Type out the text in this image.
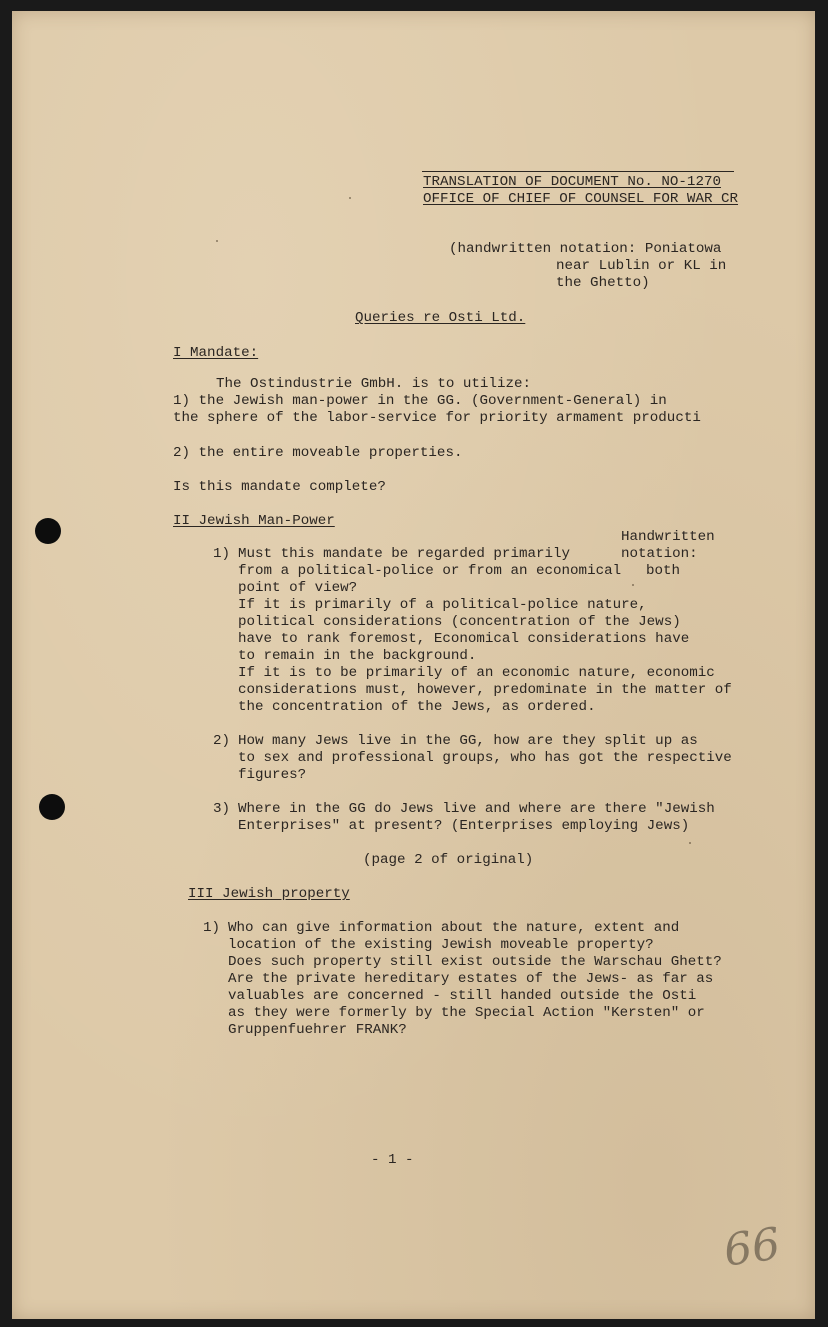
TRANSLATION OF DOCUMENT No. NO-1270
OFFICE OF CHIEF OF COUNSEL FOR WAR CR
(handwritten notation: Poniatowa
near Lublin or KL in
the Ghetto)
Queries re Osti Ltd.
I Mandate:
The Ostindustrie GmbH. is to utilize:
1) the Jewish man-power in the GG. (Government-General) in
the sphere of the labor-service for priority armament producti
2) the entire moveable properties.
Is this mandate complete?
II Jewish Man-Power
Handwritten
notation:
both
1) Must this mandate be regarded primarily
from a political-police or from an economical
point of view?
If it is primarily of a political-police nature,
political considerations (concentration of the Jews)
have to rank foremost, Economical considerations have
to remain in the background.
If it is to be primarily of an economic nature, economic
considerations must, however, predominate in the matter of
the concentration of the Jews, as ordered.
2) How many Jews live in the GG, how are they split up as
to sex and professional groups, who has got the respective
figures?
3) Where in the GG do Jews live and where are there "Jewish
Enterprises" at present? (Enterprises employing Jews)
(page 2 of original)
III Jewish property
1) Who can give information about the nature, extent and
location of the existing Jewish moveable property?
Does such property still exist outside the Warschau Ghett?
Are the private hereditary estates of the Jews- as far as
valuables are concerned - still handed outside the Osti
as they were formerly by the Special Action "Kersten" or
Gruppenfuehrer FRANK?
- 1 -
66
